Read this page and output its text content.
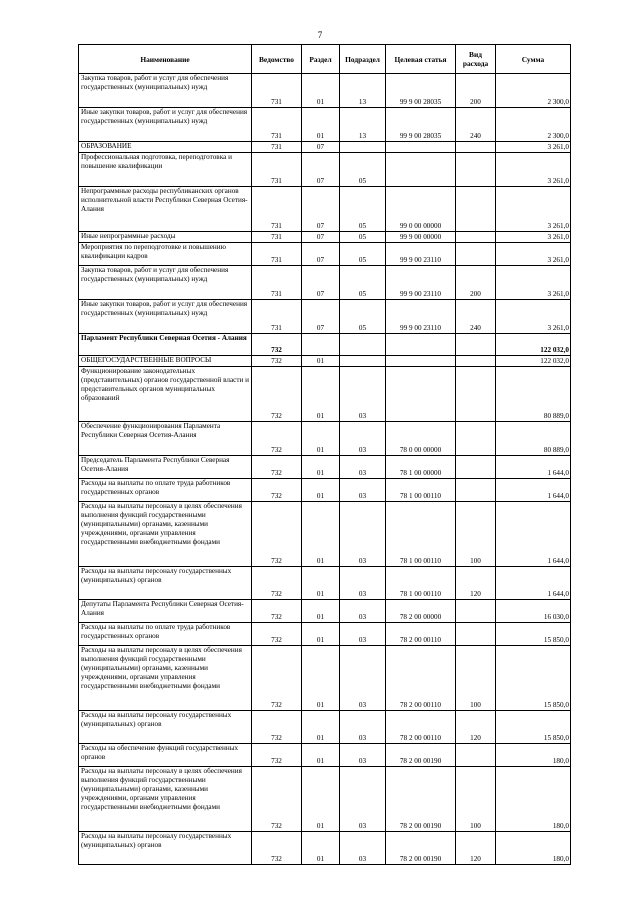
7
Наименование	Ведомство	Раздел	Подраздел	Целевая статья	Вид расхода	Сумма
Закупка товаров, работ и услуг для обеспечения государственных (муниципальных) нужд	731	01	13	99 9 00 28035	200	2 300,0
Иные закупки товаров, работ и услуг для обеспечения государственных (муниципальных) нужд	731	01	13	99 9 00 28035	240	2 300,0
ОБРАЗОВАНИЕ	731	07				3 261,0
Профессиональная подготовка, переподготовка и повышение квалификации	731	07	05			3 261,0
Непрограммные расходы республиканских органов исполнительной власти Республики Северная Осетия-Алания	731	07	05	99 0 00 00000		3 261,0
Иные непрограммные расходы	731	07	05	99 9 00 00000		3 261,0
Мероприятия по переподготовке и повышению квалификации кадров	731	07	05	99 9 00 23110		3 261,0
Закупка товаров, работ и услуг для обеспечения государственных (муниципальных) нужд	731	07	05	99 9 00 23110	200	3 261,0
Иные закупки товаров, работ и услуг для обеспечения государственных (муниципальных) нужд	731	07	05	99 9 00 23110	240	3 261,0
Парламент Республики Северная Осетия - Алания	732					122 032,0
ОБЩЕГОСУДАРСТВЕННЫЕ ВОПРОСЫ	732	01				122 032,0
Функционирование законодательных (представительных) органов государственной власти и представительных органов муниципальных образований	732	01	03			80 889,0
Обеспечение функционирования Парламента Республики Северная Осетия-Алания	732	01	03	78 0 00 00000		80 889,0
Председатель Парламента Республики Северная Осетия-Алания	732	01	03	78 1 00 00000		1 644,0
Расходы на выплаты по оплате труда работников государственных органов	732	01	03	78 1 00 00110		1 644,0
Расходы на выплаты персоналу в целях обеспечения выполнения функций государственными (муниципальными) органами, казенными учреждениями, органами управления государственными внебюджетными фондами	732	01	03	78 1 00 00110	100	1 644,0
Расходы на выплаты персоналу государственных (муниципальных) органов	732	01	03	78 1 00 00110	120	1 644,0
Депутаты Парламента Республики Северная Осетия-Алания	732	01	03	78 2 00 00000		16 030,0
Расходы на выплаты по оплате труда работников государственных органов	732	01	03	78 2 00 00110		15 850,0
Расходы на выплаты персоналу в целях обеспечения выполнения функций государственными (муниципальными) органами, казенными учреждениями, органами управления государственными внебюджетными фондами	732	01	03	78 2 00 00110	100	15 850,0
Расходы на выплаты персоналу государственных (муниципальных) органов	732	01	03	78 2 00 00110	120	15 850,0
Расходы на обеспечение функций государственных органов	732	01	03	78 2 00 00190		180,0
Расходы на выплаты персоналу в целях обеспечения выполнения функций государственными (муниципальными) органами, казенными учреждениями, органами управления государственными внебюджетными фондами	732	01	03	78 2 00 00190	100	180,0
Расходы на выплаты персоналу государственных (муниципальных) органов	732	01	03	78 2 00 00190	120	180,0
